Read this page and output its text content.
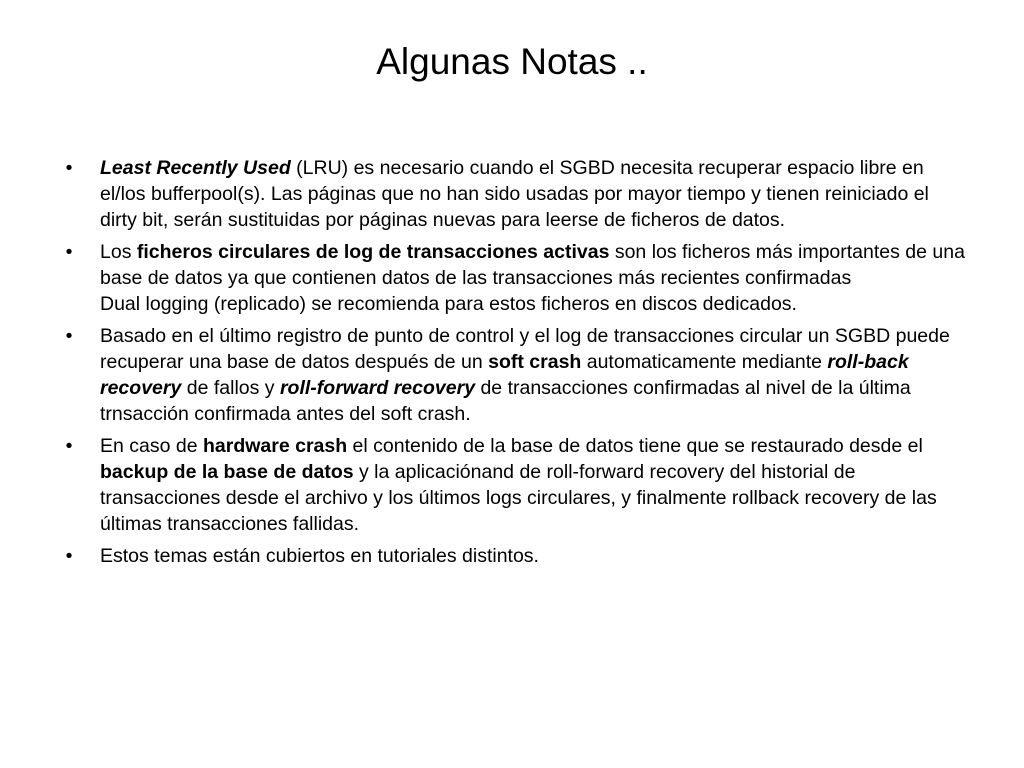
Algunas Notas ..
• Least Recently Used (LRU) es necesario cuando el SGBD necesita recuperar espacio libre en el/los bufferpool(s). Las páginas que no han sido usadas por mayor tiempo y tienen reiniciado el dirty bit, serán sustituidas por páginas nuevas para leerse de ficheros de datos.
• Los ficheros circulares de log de transacciones activas son los ficheros más importantes de una base de datos ya que contienen datos de las transacciones más recientes confirmadas
Dual logging (replicado) se recomienda para estos ficheros en discos dedicados.
• Basado en el último registro de punto de control y el log de transacciones circular un SGBD puede recuperar una base de datos después de un soft crash automaticamente mediante roll-back recovery de fallos y roll-forward recovery de transacciones confirmadas al nivel de la última trnsacción confirmada antes del soft crash.
• En caso de hardware crash el contenido de la base de datos tiene que se restaurado desde el backup de la base de datos y la aplicaciónand de roll-forward recovery del historial de transacciones desde el archivo y los últimos logs circulares, y finalmente rollback recovery de las últimas transacciones fallidas.
• Estos temas están cubiertos en tutoriales distintos.
